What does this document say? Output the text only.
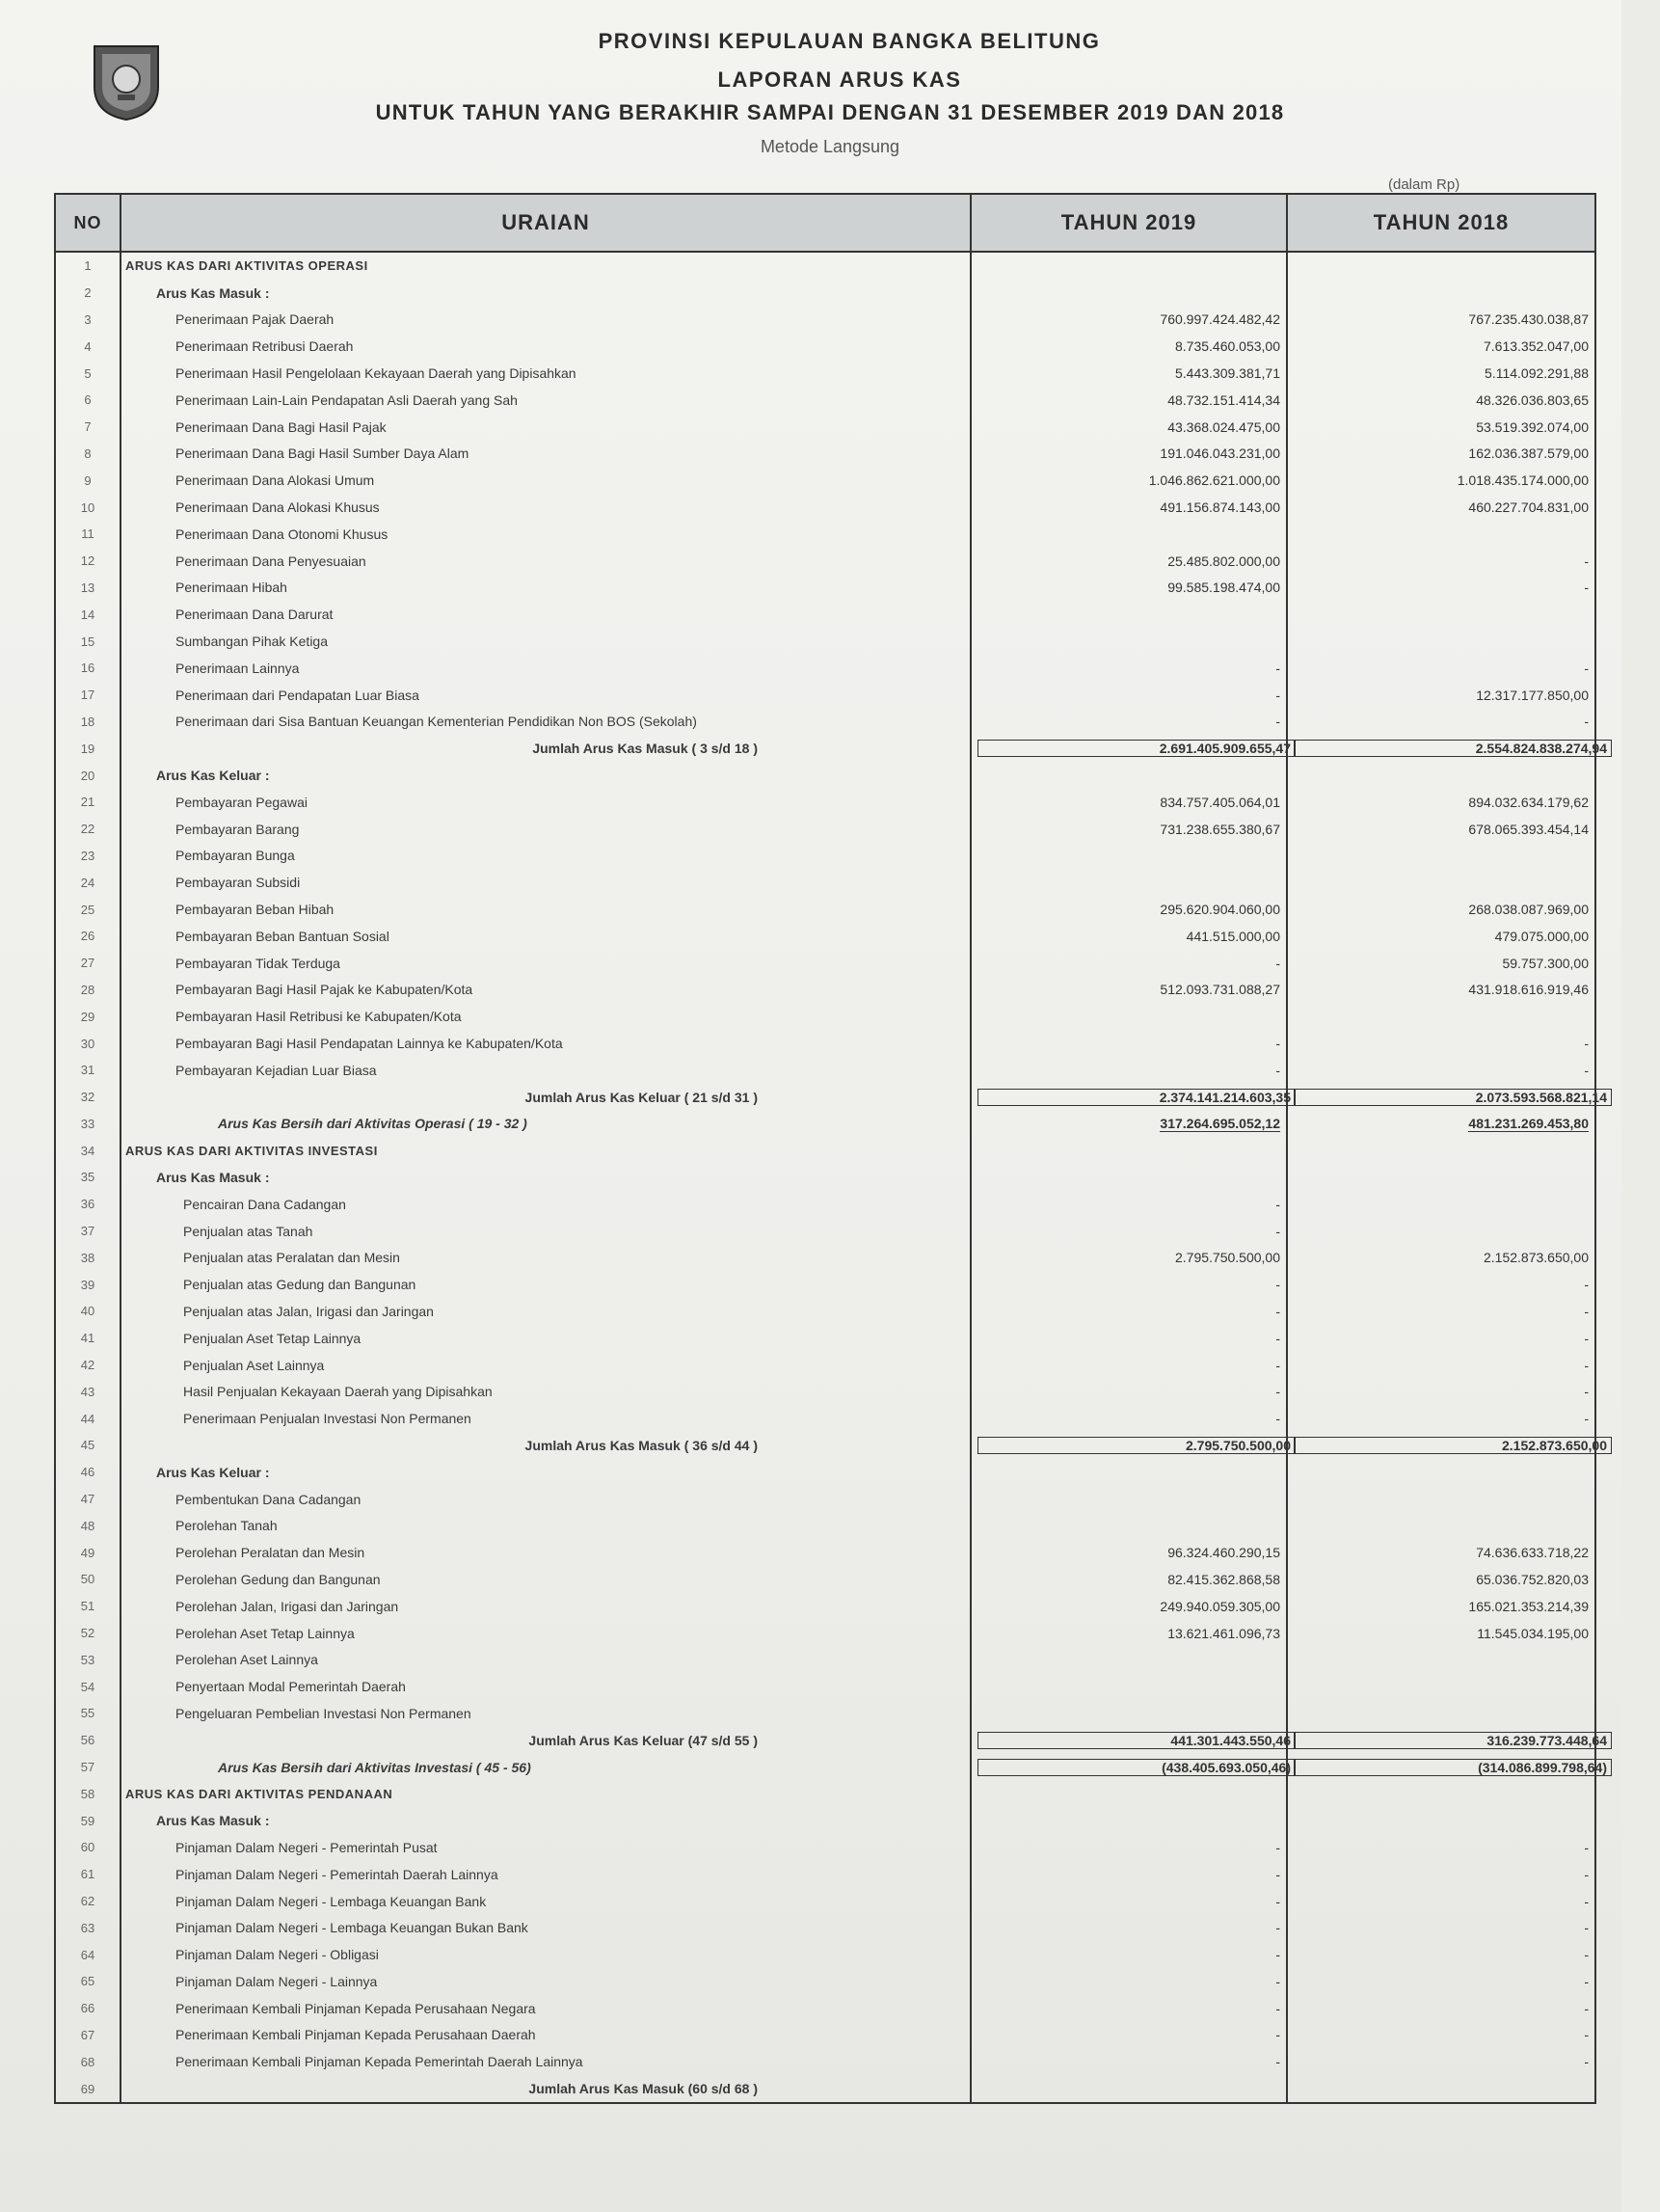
PROVINSI KEPULAUAN BANGKA BELITUNG
LAPORAN ARUS KAS
UNTUK TAHUN YANG BERAKHIR SAMPAI DENGAN 31 DESEMBER 2019 DAN 2018
Metode Langsung
(dalam Rp)
NO	URAIAN	TAHUN 2019	TAHUN 2018
1	ARUS KAS DARI AKTIVITAS OPERASI		
2	Arus Kas Masuk :		
3	Penerimaan Pajak Daerah	760.997.424.482,42	767.235.430.038,87
4	Penerimaan Retribusi Daerah	8.735.460.053,00	7.613.352.047,00
5	Penerimaan Hasil Pengelolaan Kekayaan Daerah yang Dipisahkan	5.443.309.381,71	5.114.092.291,88
6	Penerimaan Lain-Lain Pendapatan Asli Daerah yang Sah	48.732.151.414,34	48.326.036.803,65
7	Penerimaan Dana Bagi Hasil Pajak	43.368.024.475,00	53.519.392.074,00
8	Penerimaan Dana Bagi Hasil Sumber Daya Alam	191.046.043.231,00	162.036.387.579,00
9	Penerimaan Dana Alokasi Umum	1.046.862.621.000,00	1.018.435.174.000,00
10	Penerimaan Dana Alokasi Khusus	491.156.874.143,00	460.227.704.831,00
11	Penerimaan Dana Otonomi Khusus		
12	Penerimaan Dana Penyesuaian	25.485.802.000,00	-
13	Penerimaan Hibah	99.585.198.474,00	-
14	Penerimaan Dana Darurat		
15	Sumbangan Pihak Ketiga		
16	Penerimaan Lainnya	-	-
17	Penerimaan dari Pendapatan Luar Biasa	-	12.317.177.850,00
18	Penerimaan dari Sisa Bantuan Keuangan Kementerian Pendidikan Non BOS (Sekolah)	-	-
19	Jumlah Arus Kas Masuk ( 3 s/d 18 )	2.691.405.909.655,47	2.554.824.838.274,94
20	Arus Kas Keluar :		
21	Pembayaran Pegawai	834.757.405.064,01	894.032.634.179,62
22	Pembayaran Barang	731.238.655.380,67	678.065.393.454,14
23	Pembayaran Bunga		
24	Pembayaran Subsidi		
25	Pembayaran Beban Hibah	295.620.904.060,00	268.038.087.969,00
26	Pembayaran Beban Bantuan Sosial	441.515.000,00	479.075.000,00
27	Pembayaran Tidak Terduga	-	59.757.300,00
28	Pembayaran Bagi Hasil Pajak ke Kabupaten/Kota	512.093.731.088,27	431.918.616.919,46
29	Pembayaran Hasil Retribusi ke Kabupaten/Kota		
30	Pembayaran Bagi Hasil Pendapatan Lainnya ke Kabupaten/Kota	-	-
31	Pembayaran Kejadian Luar Biasa	-	-
32	Jumlah Arus Kas Keluar ( 21 s/d 31 )	2.374.141.214.603,35	2.073.593.568.821,14
33	Arus Kas Bersih dari Aktivitas Operasi ( 19 - 32 )	317.264.695.052,12	481.231.269.453,80
34	ARUS KAS DARI AKTIVITAS INVESTASI		
35	Arus Kas Masuk :		
36	Pencairan Dana Cadangan	-	
37	Penjualan atas Tanah	-	
38	Penjualan atas Peralatan dan Mesin	2.795.750.500,00	2.152.873.650,00
39	Penjualan atas Gedung dan Bangunan	-	-
40	Penjualan atas Jalan, Irigasi dan Jaringan	-	-
41	Penjualan Aset Tetap Lainnya	-	-
42	Penjualan Aset Lainnya	-	-
43	Hasil Penjualan Kekayaan Daerah yang Dipisahkan	-	-
44	Penerimaan Penjualan Investasi Non Permanen	-	-
45	Jumlah Arus Kas Masuk ( 36 s/d 44 )	2.795.750.500,00	2.152.873.650,00
46	Arus Kas Keluar :		
47	Pembentukan Dana Cadangan		
48	Perolehan Tanah		
49	Perolehan Peralatan dan Mesin	96.324.460.290,15	74.636.633.718,22
50	Perolehan Gedung dan Bangunan	82.415.362.868,58	65.036.752.820,03
51	Perolehan Jalan, Irigasi dan Jaringan	249.940.059.305,00	165.021.353.214,39
52	Perolehan Aset Tetap Lainnya	13.621.461.096,73	11.545.034.195,00
53	Perolehan Aset Lainnya		
54	Penyertaan Modal Pemerintah Daerah		
55	Pengeluaran Pembelian Investasi Non Permanen		
56	Jumlah Arus Kas Keluar (47 s/d 55 )	441.301.443.550,46	316.239.773.448,64
57	Arus Kas Bersih dari Aktivitas Investasi ( 45 - 56)	(438.405.693.050,46)	(314.086.899.798,64)
58	ARUS KAS DARI AKTIVITAS PENDANAAN		
59	Arus Kas Masuk :		
60	Pinjaman Dalam Negeri - Pemerintah Pusat	-	-
61	Pinjaman Dalam Negeri - Pemerintah Daerah Lainnya	-	-
62	Pinjaman Dalam Negeri - Lembaga Keuangan Bank	-	-
63	Pinjaman Dalam Negeri - Lembaga Keuangan Bukan Bank	-	-
64	Pinjaman Dalam Negeri - Obligasi	-	-
65	Pinjaman Dalam Negeri - Lainnya	-	-
66	Penerimaan Kembali Pinjaman Kepada Perusahaan Negara	-	-
67	Penerimaan Kembali Pinjaman Kepada Perusahaan Daerah	-	-
68	Penerimaan Kembali Pinjaman Kepada Pemerintah Daerah Lainnya	-	-
69	Jumlah Arus Kas Masuk (60 s/d 68 )		
